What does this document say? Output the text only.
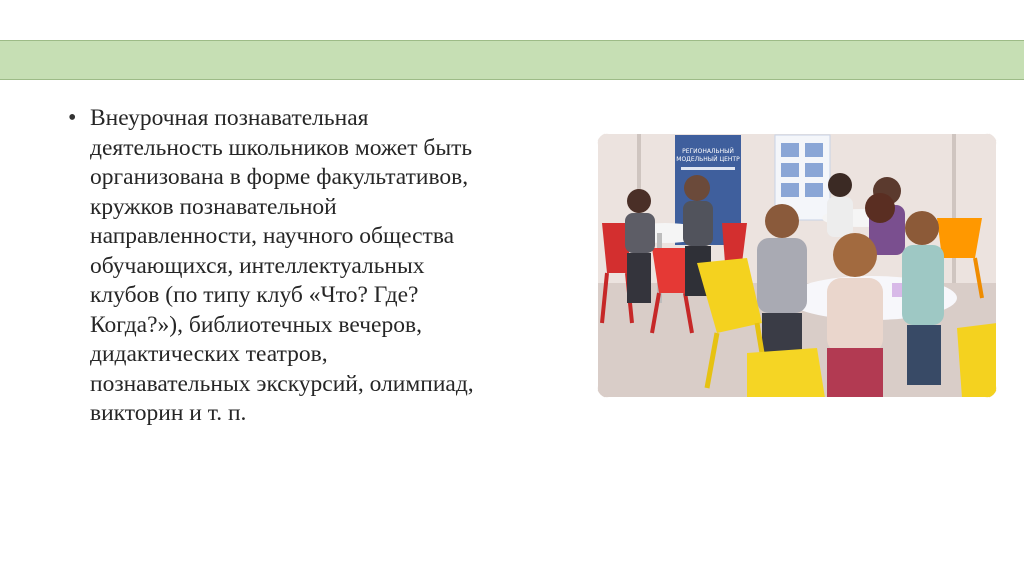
• Внеурочная познавательная
деятельность школьников может быть
организована в форме факультативов,
кружков познавательной
направленности, научного общества
обучающихся, интеллектуальных
клубов (по типу клуб «Что? Где?
Когда?»), библиотечных вечеров,
дидактических театров,
познавательных экскурсий, олимпиад,
викторин и т. п.
РЕГИОНАЛЬНЫЙ
МОДЕЛЬНЫЙ ЦЕНТР
